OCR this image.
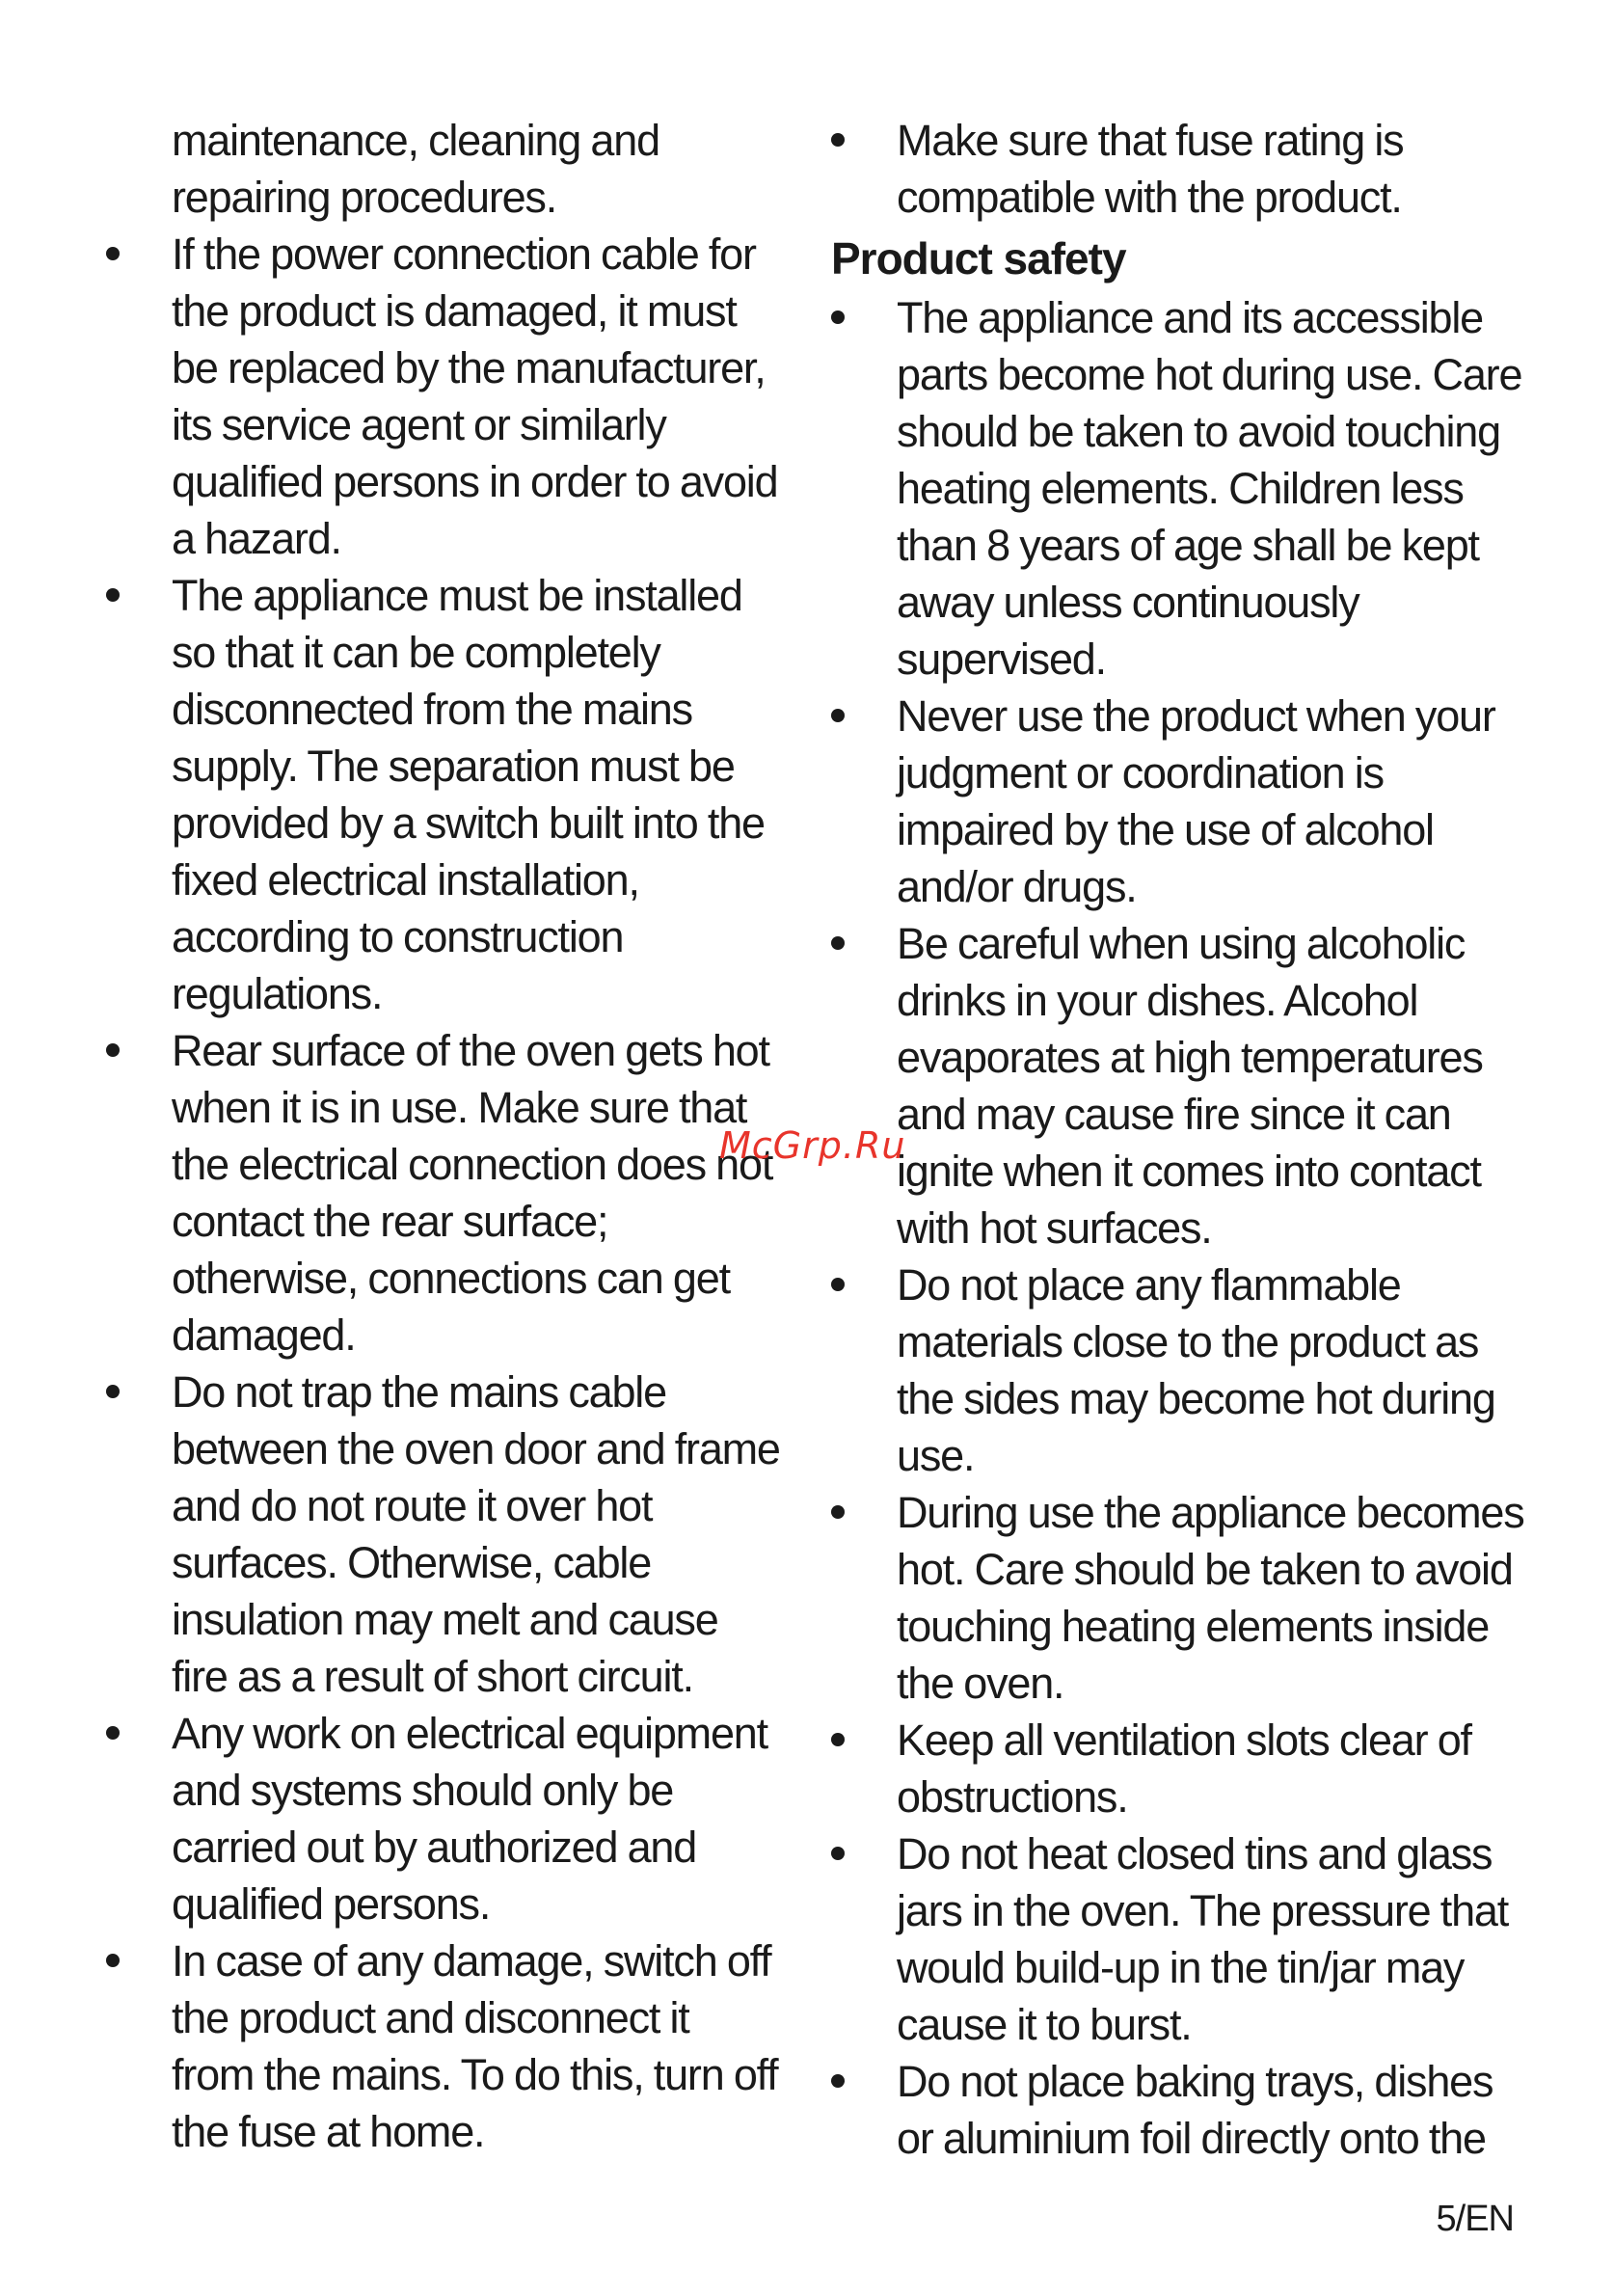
maintenance, cleaning and repairing procedures.

If the power connection cable for the product is damaged, it must be replaced by the manufacturer, its service agent or similarly qualified persons in order to avoid a hazard.
The appliance must be installed so that it can be completely disconnected from the mains supply. The separation must be provided by a switch built into the fixed electrical installation, according to construction regulations.
Rear surface of the oven gets hot when it is in use. Make sure that the electrical connection does not contact the rear surface; otherwise, connections can get damaged.
Do not trap the mains cable between the oven door and frame and do not route it over hot surfaces. Otherwise, cable insulation may melt and cause fire as a result of short circuit.
Any work on electrical equipment and systems should only be carried out by authorized and qualified persons.
In case of any damage, switch off the product and disconnect it from the mains. To do this, turn off the fuse at home.
Make sure that fuse rating is compatible with the product.
Product safety
The appliance and its accessible parts become hot during use. Care should be taken to avoid touching heating elements. Children less than 8 years of age shall be kept away unless continuously supervised.
Never use the product when your judgment or coordination is impaired by the use of alcohol and/or drugs.
Be careful when using alcoholic drinks in your dishes. Alcohol evaporates at high temperatures and may cause fire since it can ignite when it comes into contact with hot surfaces.
Do not place any flammable materials close to the product as the sides may become hot during use.
During use the appliance becomes hot. Care should be taken to avoid touching heating elements inside the oven.
Keep all ventilation slots clear of obstructions.
Do not heat closed tins and glass jars in the oven. The pressure that would build-up in the tin/jar may cause it to burst.
Do not place baking trays, dishes or aluminium foil directly onto the
McGrp.Ru
5/EN
